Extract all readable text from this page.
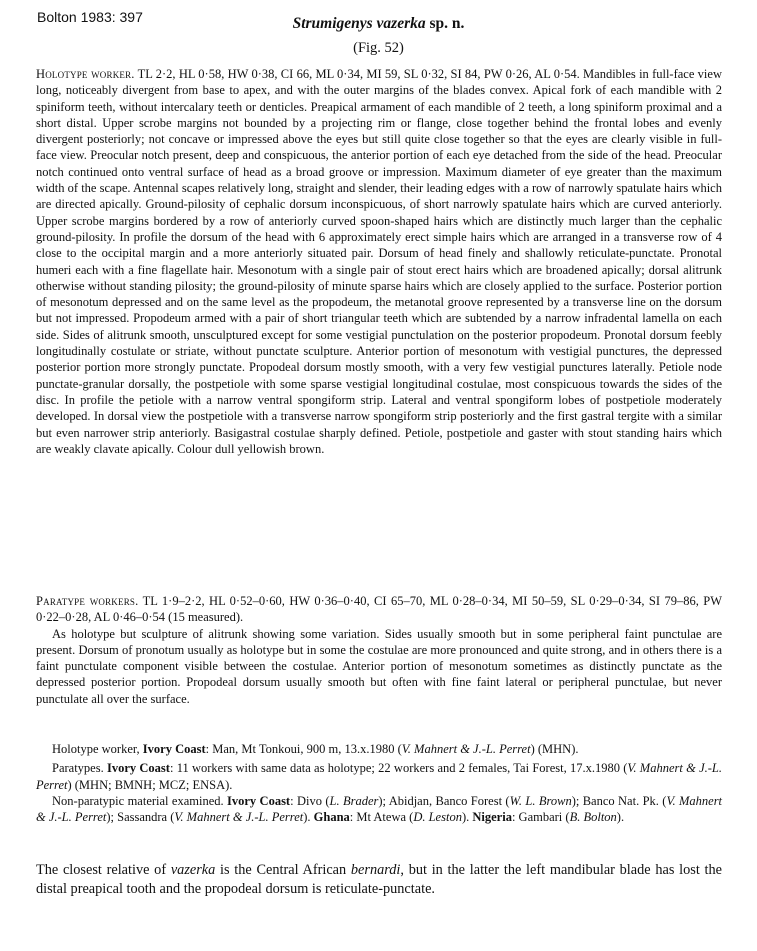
Bolton 1983: 397	Strumigenys vazerka sp. n.
(Fig. 52)

Holotype worker. TL 2·2, HL 0·58, HW 0·38, CI 66, ML 0·34, MI 59, SL 0·32, SI 84, PW 0·26, AL 0·54. Mandibles in full-face view long, noticeably divergent from base to apex, and with the outer margins of the blades convex. Apical fork of each mandible with 2 spiniform teeth, without intercalary teeth or denticles. Preapical armament of each mandible of 2 teeth, a long spiniform proximal and a short distal. Upper scrobe margins not bounded by a projecting rim or flange, close together behind the frontal lobes and evenly divergent posteriorly; not concave or impressed above the eyes but still quite close together so that the eyes are clearly visible in full-face view. Preocular notch present, deep and conspicuous, the anterior portion of each eye detached from the side of the head. Preocular notch continued onto ventral surface of head as a broad groove or impression. Maximum diameter of eye greater than the maximum width of the scape. Antennal scapes relatively long, straight and slender, their leading edges with a row of narrowly spatulate hairs which are directed apically. Ground-pilosity of cephalic dorsum inconspicuous, of short narrowly spatulate hairs which are curved anteriorly. Upper scrobe margins bordered by a row of anteriorly curved spoon-shaped hairs which are distinctly much larger than the cephalic ground-pilosity. In profile the dorsum of the head with 6 approximately erect simple hairs which are arranged in a transverse row of 4 close to the occipital margin and a more anteriorly situated pair. Dorsum of head finely and shallowly reticulate-punctate. Pronotal humeri each with a fine flagellate hair. Mesonotum with a single pair of stout erect hairs which are broadened apically; dorsal alitrunk otherwise without standing pilosity; the ground-pilosity of minute sparse hairs which are closely applied to the surface. Posterior portion of mesonotum depressed and on the same level as the propodeum, the metanotal groove represented by a transverse line on the dorsum but not impressed. Propodeum armed with a pair of short triangular teeth which are subtended by a narrow infradental lamella on each side. Sides of alitrunk smooth, unsculptured except for some vestigial punctulation on the posterior propodeum. Pronotal dorsum feebly longitudinally costulate or striate, without punctate sculpture. Anterior portion of mesonotum with vestigial punctures, the depressed posterior portion more strongly punctate. Propodeal dorsum mostly smooth, with a very few vestigial punctures laterally. Petiole node punctate-granular dorsally, the postpetiole with some sparse vestigial longitudinal costulae, most conspicuous towards the sides of the disc. In profile the petiole with a narrow ventral spongiform strip. Lateral and ventral spongiform lobes of postpetiole moderately developed. In dorsal view the postpetiole with a transverse narrow spongiform strip posteriorly and the first gastral tergite with a similar but even narrower strip anteriorly. Basigastral costulae sharply defined. Petiole, postpetiole and gaster with stout standing hairs which are weakly clavate apically. Colour dull yellowish brown.

Paratype workers. TL 1·9–2·2, HL 0·52–0·60, HW 0·36–0·40, CI 65–70, ML 0·28–0·34, MI 50–59, SL 0·29–0·34, SI 79–86, PW 0·22–0·28, AL 0·46–0·54 (15 measured).

As holotype but sculpture of alitrunk showing some variation. Sides usually smooth but in some peripheral faint punctulae are present. Dorsum of pronotum usually as holotype but in some the costulae are more pronounced and quite strong, and in others there is a faint punctulate component visible between the costulae. Anterior portion of mesonotum sometimes as distinctly punctate as the depressed posterior portion. Propodeal dorsum usually smooth but often with fine faint lateral or peripheral punctulae, but never punctulate all over the surface.

Holotype worker, Ivory Coast: Man, Mt Tonkoui, 900 m, 13.x.1980 (V. Mahnert & J.-L. Perret) (MHN).

Paratypes. Ivory Coast: 11 workers with same data as holotype; 22 workers and 2 females, Tai Forest, 17.x.1980 (V. Mahnert & J.-L. Perret) (MHN; BMNH; MCZ; ENSA).

Non-paratypic material examined. Ivory Coast: Divo (L. Brader); Abidjan, Banco Forest (W. L. Brown); Banco Nat. Pk. (V. Mahnert & J.-L. Perret); Sassandra (V. Mahnert & J.-L. Perret). Ghana: Mt Atewa (D. Leston). Nigeria: Gambari (B. Bolton).

The closest relative of vazerka is the Central African bernardi, but in the latter the left mandibular blade has lost the distal preapical tooth and the propodeal dorsum is reticulate-punctate.
